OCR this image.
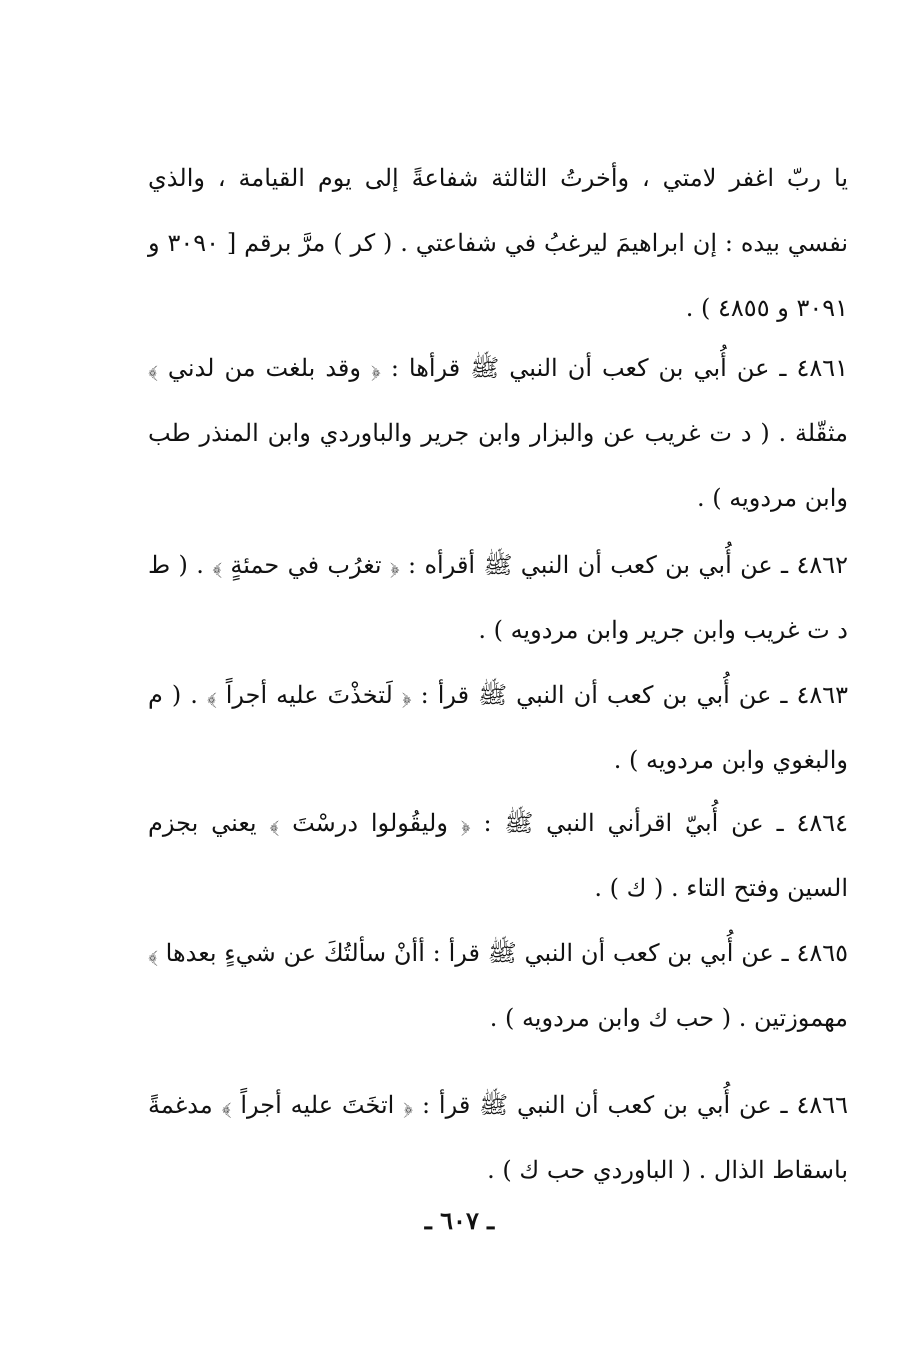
يا ربّ اغفر لامتي ، وأخرتُ الثالثة شفاعةً إلى يوم القيامة ، والذي نفسي بيده : إن ابراهيمَ ليرغبُ في شفاعتي . ( كر ) مرَّ برقم [ ٣٠٩٠ و ٣٠٩١ و ٤٨٥٥ ) .

٤٨٦١ ـ عن أُبي بن كعب أن النبي ﷺ قرأها : ﴿ وقد بلغت من لدني ﴾ مثقّلة . ( د ت غريب عن والبزار وابن جرير والباوردي وابن المنذر طب وابن مردويه ) .

٤٨٦٢ ـ عن أُبي بن كعب أن النبي ﷺ أقرأه : ﴿ تغرُب في حمئةٍ ﴾ . ( ط د ت غريب وابن جرير وابن مردويه ) .

٤٨٦٣ ـ عن أُبي بن كعب أن النبي ﷺ قرأ : ﴿ لَتخذْتَ عليه أجراً ﴾ . ( م والبغوي وابن مردويه ) .

٤٨٦٤ ـ عن أُبيّ اقرأني النبي ﷺ : ﴿ وليقُولوا درسْتَ ﴾ يعني بجزم السين وفتح التاء . ( ك ) .

٤٨٦٥ ـ عن أُبي بن كعب أن النبي ﷺ قرأ : أأنْ سألتُكَ عن شيءٍ بعدها ﴾ مهموزتين . ( حب ك وابن مردويه ) .

٤٨٦٦ ـ عن أُبي بن كعب أن النبي ﷺ قرأ : ﴿ اتخَتَ عليه أجراً ﴾ مدغمةً باسقاط الذال . ( الباوردي حب ك ) .

ـ ٦٠٧ ـ
